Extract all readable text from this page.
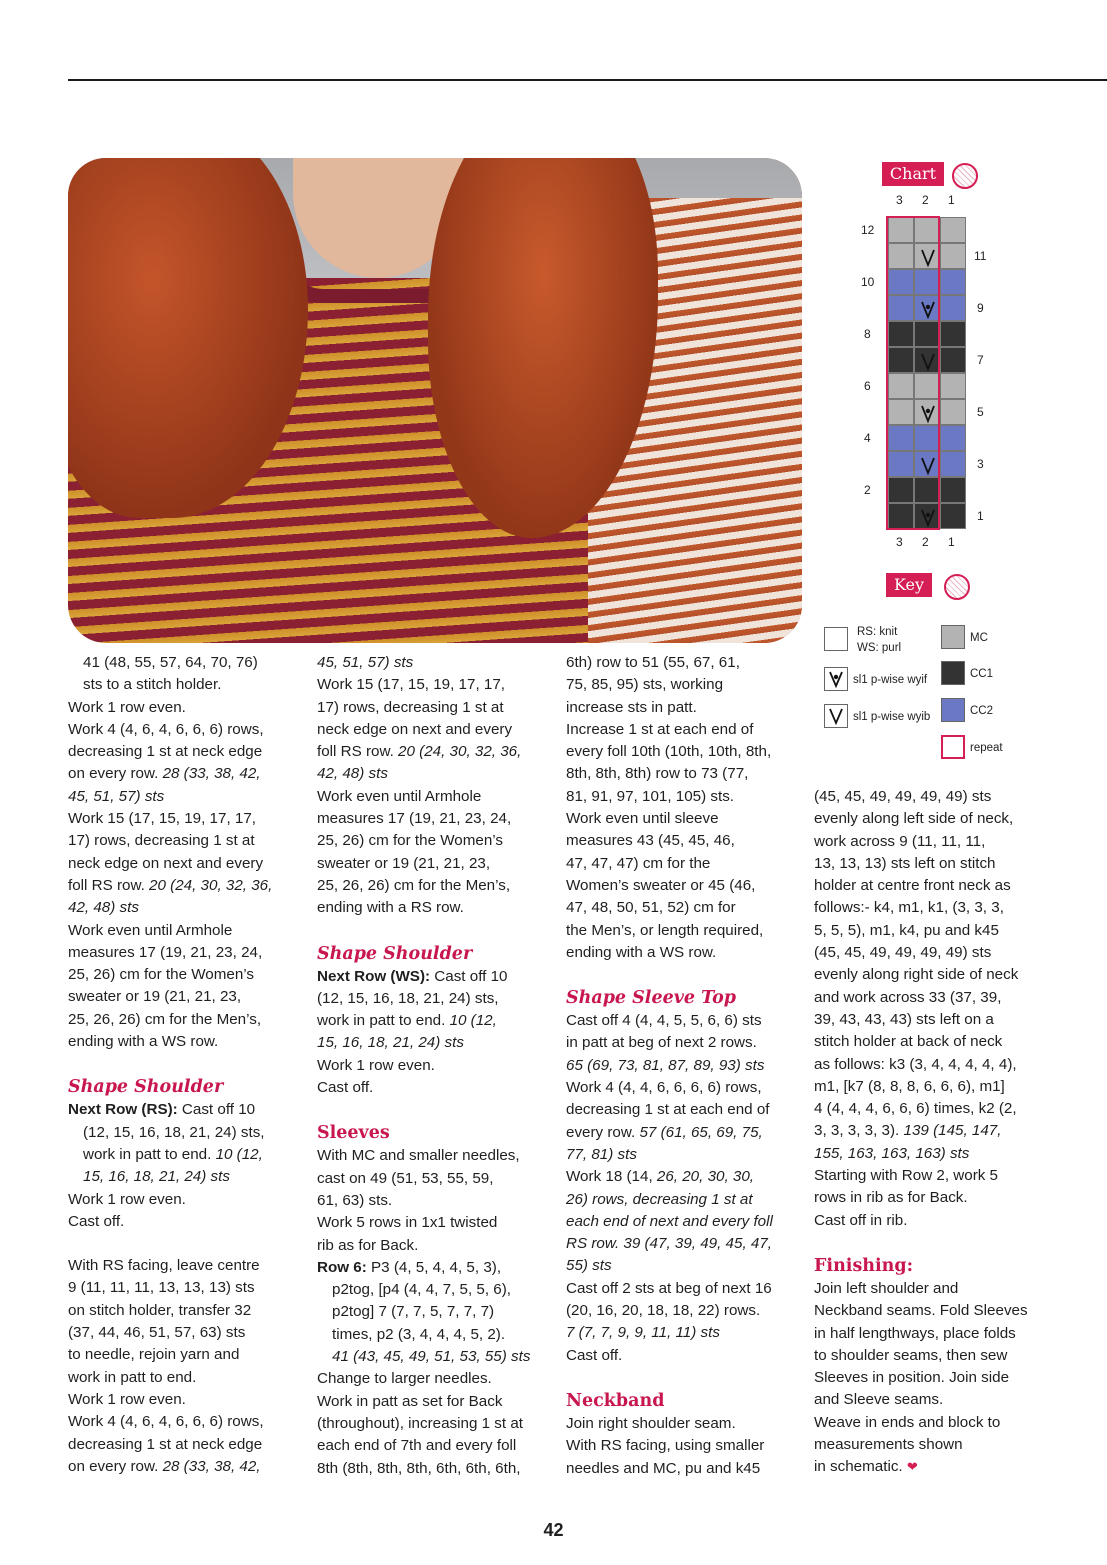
41 (48, 55, 57, 64, 70, 76)

sts to a stitch holder.

Work 1 row even.

Work 4 (4, 6, 4, 6, 6, 6) rows,

decreasing 1 st at neck edge

on every row. 28 (33, 38, 42,

45, 51, 57) sts

Work 15 (17, 15, 19, 17, 17,

17) rows, decreasing 1 st at

neck edge on next and every

foll RS row. 20 (24, 30, 32, 36,

42, 48) sts

Work even until Armhole

measures 17 (19, 21, 23, 24,

25, 26) cm for the Women’s

sweater or 19 (21, 21, 23,

25, 26, 26) cm for the Men’s,

ending with a WS row.

Shape Shoulder

Next Row (RS): Cast off 10

(12, 15, 16, 18, 21, 24) sts,

work in patt to end. 10 (12,

15, 16, 18, 21, 24) sts

Work 1 row even.

Cast off.

With RS facing, leave centre

9 (11, 11, 11, 13, 13, 13) sts

on stitch holder, transfer 32

(37, 44, 46, 51, 57, 63) sts

to needle, rejoin yarn and

work in patt to end.

Work 1 row even.

Work 4 (4, 6, 4, 6, 6, 6) rows,

decreasing 1 st at neck edge

on every row. 28 (33, 38, 42,

45, 51, 57) sts

Work 15 (17, 15, 19, 17, 17,

17) rows, decreasing 1 st at

neck edge on next and every

foll RS row. 20 (24, 30, 32, 36,

42, 48) sts

Work even until Armhole

measures 17 (19, 21, 23, 24,

25, 26) cm for the Women’s

sweater or 19 (21, 21, 23,

25, 26, 26) cm for the Men’s,

ending with a RS row.

Shape Shoulder

Next Row (WS): Cast off 10

(12, 15, 16, 18, 21, 24) sts,

work in patt to end. 10 (12,

15, 16, 18, 21, 24) sts

Work 1 row even.

Cast off.

Sleeves

With MC and smaller needles,

cast on 49 (51, 53, 55, 59,

61, 63) sts.

Work 5 rows in 1x1 twisted

rib as for Back.

Row 6: P3 (4, 5, 4, 4, 5, 3),

p2tog, [p4 (4, 4, 7, 5, 5, 6),

p2tog] 7 (7, 7, 5, 7, 7, 7)

times, p2 (3, 4, 4, 4, 5, 2).

41 (43, 45, 49, 51, 53, 55) sts

Change to larger needles.

Work in patt as set for Back

(throughout), increasing 1 st at

each end of 7th and every foll

8th (8th, 8th, 8th, 6th, 6th, 6th,

6th) row to 51 (55, 67, 61,

75, 85, 95) sts, working

increase sts in patt.

Increase 1 st at each end of

every foll 10th (10th, 10th, 8th,

8th, 8th, 8th) row to 73 (77,

81, 91, 97, 101, 105) sts.

Work even until sleeve

measures 43 (45, 45, 46,

47, 47, 47) cm for the

Women’s sweater or 45 (46,

47, 48, 50, 51, 52) cm for

the Men’s, or length required,

ending with a WS row.

Shape Sleeve Top

Cast off 4 (4, 4, 5, 5, 6, 6) sts

in patt at beg of next 2 rows.

65 (69, 73, 81, 87, 89, 93) sts

Work 4 (4, 4, 6, 6, 6, 6) rows,

decreasing 1 st at each end of

every row. 57 (61, 65, 69, 75,

77, 81) sts

Work 18 (14, 26, 20, 30, 30,

26) rows, decreasing 1 st at

each end of next and every foll

RS row. 39 (47, 39, 49, 45, 47,

55) sts

Cast off 2 sts at beg of next 16

(20, 16, 20, 18, 18, 22) rows.

7 (7, 7, 9, 9, 11, 11) sts

Cast off.

Neckband

Join right shoulder seam.

With RS facing, using smaller

needles and MC, pu and k45

(45, 45, 49, 49, 49, 49) sts

evenly along left side of neck,

work across 9 (11, 11, 11,

13, 13, 13) sts left on stitch

holder at centre front neck as

follows:- k4, m1, k1, (3, 3, 3,

5, 5, 5), m1, k4, pu and k45

(45, 45, 49, 49, 49, 49) sts

evenly along right side of neck

and work across 33 (37, 39,

39, 43, 43, 43) sts left on a

stitch holder at back of neck

as follows: k3 (3, 4, 4, 4, 4, 4),

m1, [k7 (8, 8, 8, 6, 6, 6), m1]

4 (4, 4, 4, 6, 6, 6) times, k2 (2,

3, 3, 3, 3, 3). 139 (145, 147,

155, 163, 163, 163) sts

Starting with Row 2, work 5

rows in rib as for Back.

Cast off in rib.

Finishing:

Join left shoulder and

Neckband seams. Fold Sleeves

in half lengthways, place folds

to shoulder seams, then sew

Sleeves in position. Join side

and Sleeve seams.

Weave in ends and block to

measurements shown

in schematic. ❤

Chart
3 2 1
12
10
8
6
4
2
11
9
7
5
3
1
3 2 1
Key
RS: knit
WS: purl
sl1 p-wise wyif
sl1 p-wise wyib
MC
CC1
CC2
repeat
42
